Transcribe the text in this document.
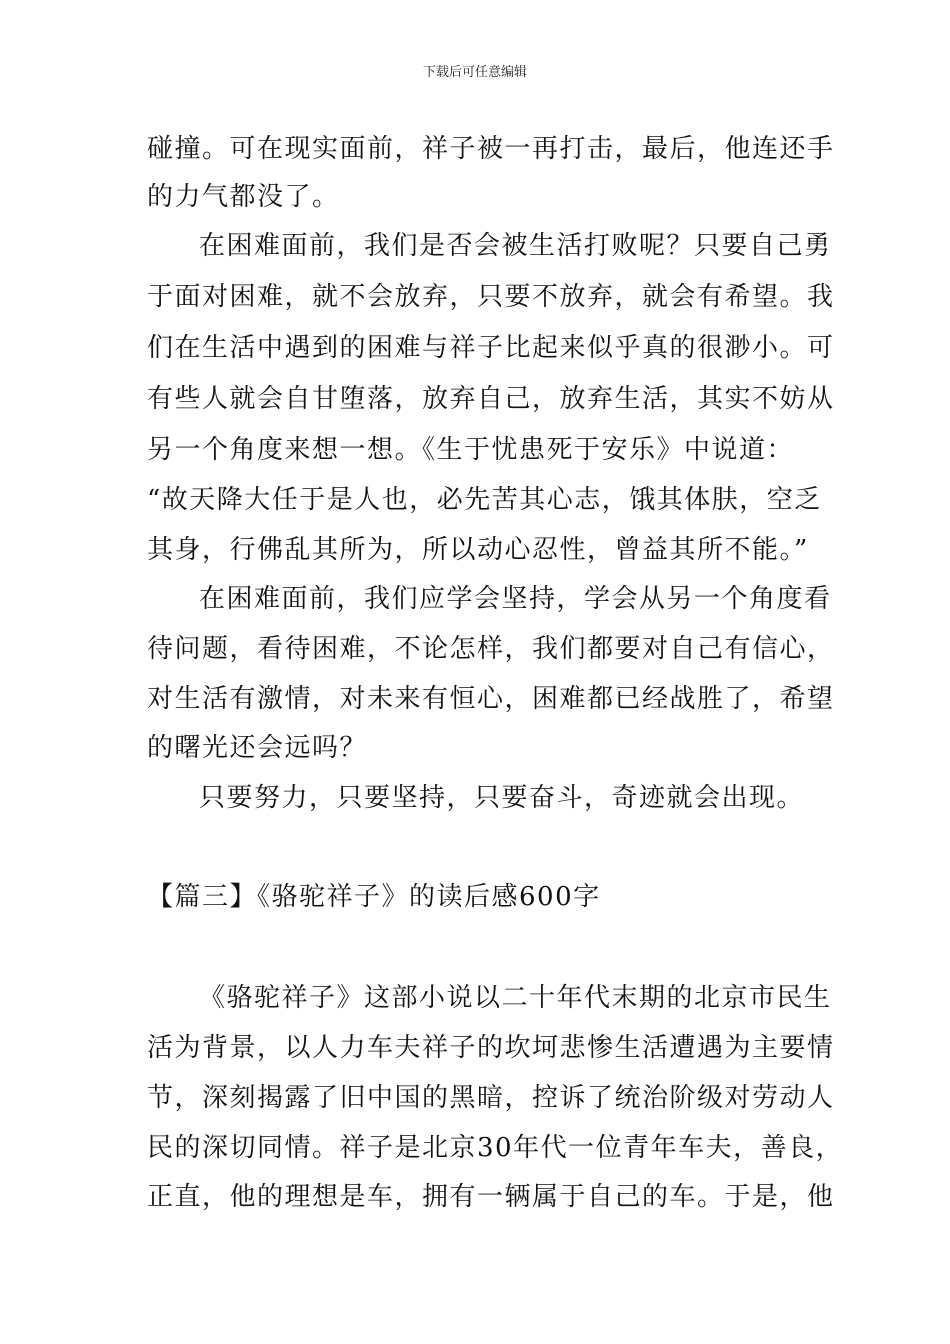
下载后可任意编辑
碰撞。可在现实面前，祥子被一再打击，最后，他连还手
的力气都没了。
在困难面前，我们是否会被生活打败呢？只要自己勇
于面对困难，就不会放弃，只要不放弃，就会有希望。我
们在生活中遇到的困难与祥子比起来似乎真的很渺小。可
有些人就会自甘堕落，放弃自己，放弃生活，其实不妨从
另一个角度来想一想。《生于忧患死于安乐》中说道：
“故天降大任于是人也，必先苦其心志，饿其体肤，空乏
其身，行佛乱其所为，所以动心忍性，曾益其所不能。”
在困难面前，我们应学会坚持，学会从另一个角度看
待问题，看待困难，不论怎样，我们都要对自己有信心，
对生活有激情，对未来有恒心，困难都已经战胜了，希望
的曙光还会远吗？
只要努力，只要坚持，只要奋斗，奇迹就会出现。
【篇三】《骆驼祥子》的读后感600字
《骆驼祥子》这部小说以二十年代末期的北京市民生
活为背景，以人力车夫祥子的坎坷悲惨生活遭遇为主要情
节，深刻揭露了旧中国的黑暗，控诉了统治阶级对劳动人
民的深切同情。祥子是北京30年代一位青年车夫，善良，
正直，他的理想是车，拥有一辆属于自己的车。于是，他
